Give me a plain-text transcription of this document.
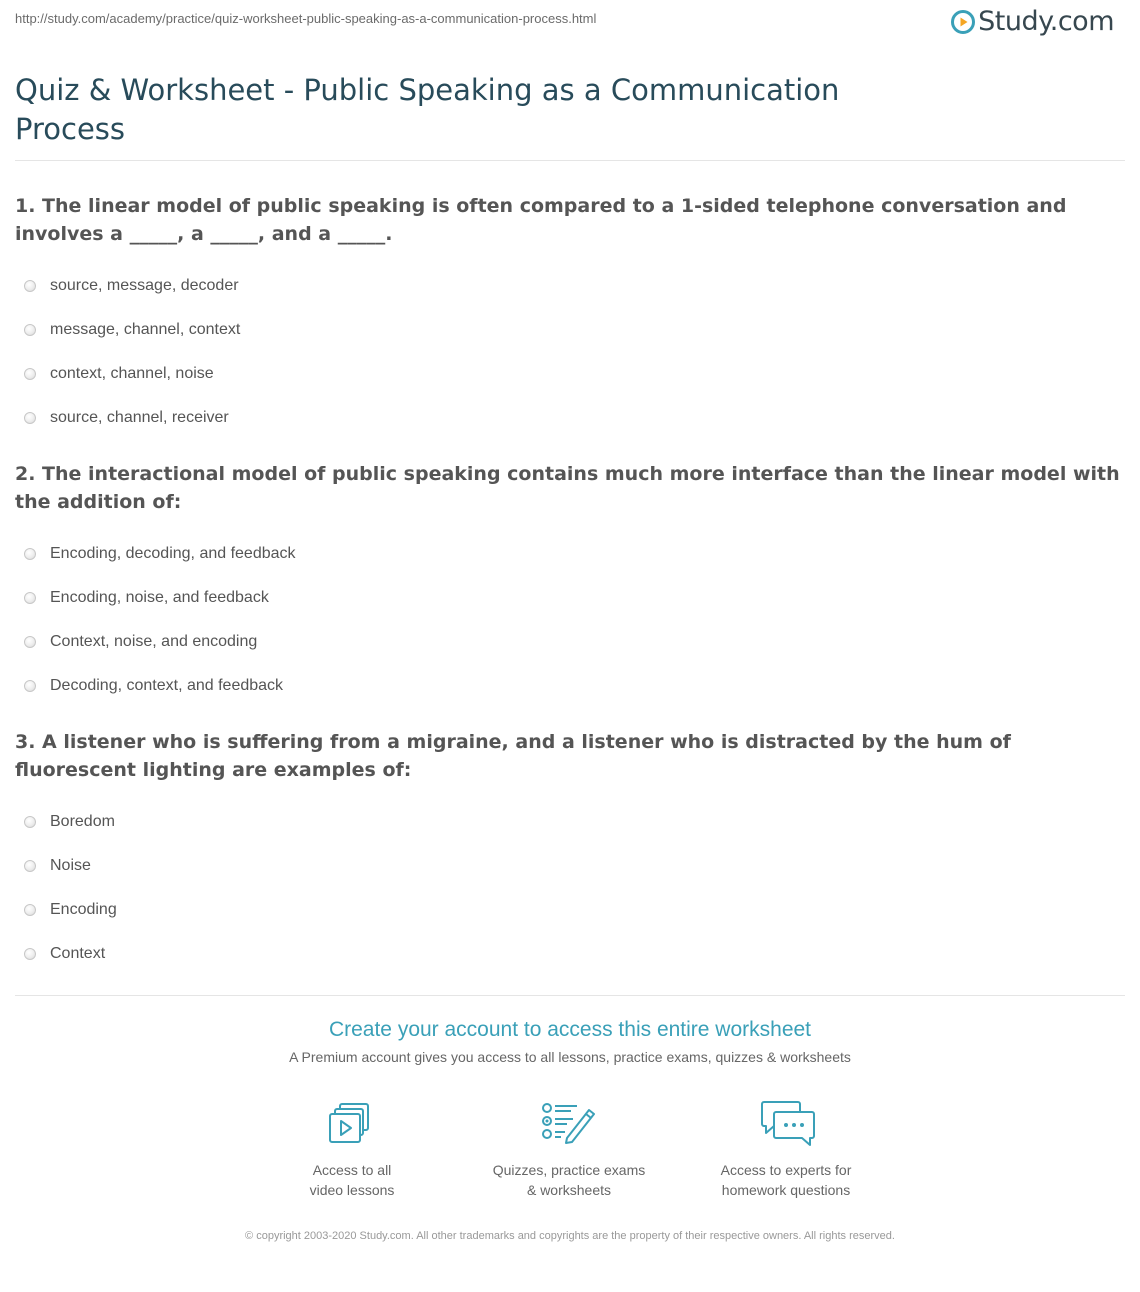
http://study.com/academy/practice/quiz-worksheet-public-speaking-as-a-communication-process.html	Study.com
Quiz & Worksheet - Public Speaking as a Communication Process
1. The linear model of public speaking is often compared to a 1-sided telephone conversation and involves a _____, a _____, and a _____.
source, message, decoder
message, channel, context
context, channel, noise
source, channel, receiver
2. The interactional model of public speaking contains much more interface than the linear model with the addition of:
Encoding, decoding, and feedback
Encoding, noise, and feedback
Context, noise, and encoding
Decoding, context, and feedback
3. A listener who is suffering from a migraine, and a listener who is distracted by the hum of fluorescent lighting are examples of:
Boredom
Noise
Encoding
Context
Create your account to access this entire worksheet
A Premium account gives you access to all lessons, practice exams, quizzes & worksheets
Access to all
video lessons
Quizzes, practice exams
& worksheets
Access to experts for
homework questions
© copyright 2003-2020 Study.com. All other trademarks and copyrights are the property of their respective owners. All rights reserved.
